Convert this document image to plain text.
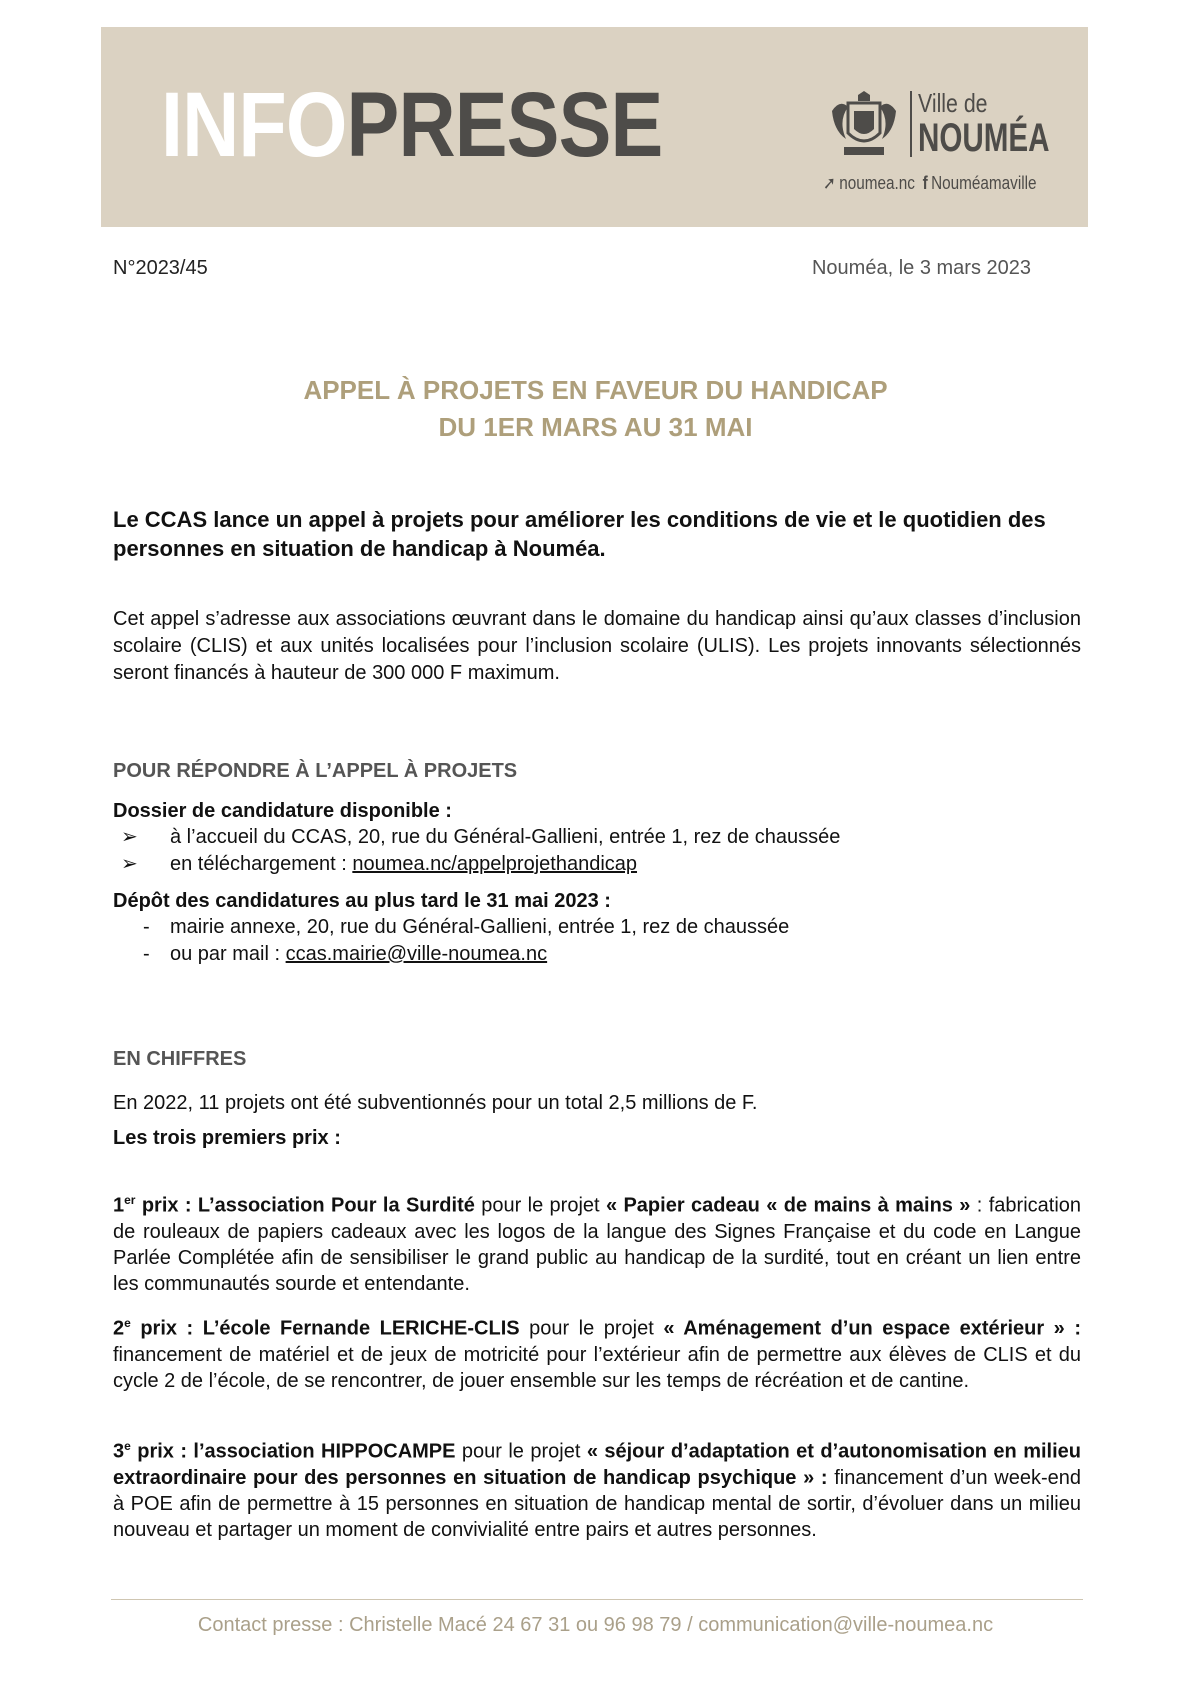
INFOPRESSE	Ville de
NOUMÉA
➚ noumea.nc f Nouméamaville
N°2023/45	Nouméa, le 3 mars 2023
APPEL À PROJETS EN FAVEUR DU HANDICAP
DU 1ER MARS AU 31 MAI
Le CCAS lance un appel à projets pour améliorer les conditions de vie et le quotidien des personnes en situation de handicap à Nouméa.
Cet appel s’adresse aux associations œuvrant dans le domaine du handicap ainsi qu’aux classes d’inclusion scolaire (CLIS) et aux unités localisées pour l’inclusion scolaire (ULIS). Les projets innovants sélectionnés seront financés à hauteur de 300 000 F maximum.
POUR RÉPONDRE À L’APPEL À PROJETS
Dossier de candidature disponible :
➢ à l’accueil du CCAS, 20, rue du Général-Gallieni, entrée 1, rez de chaussée
➢ en téléchargement : noumea.nc/appelprojethandicap
Dépôt des candidatures au plus tard le 31 mai 2023 :
- mairie annexe, 20, rue du Général-Gallieni, entrée 1, rez de chaussée
- ou par mail : ccas.mairie@ville-noumea.nc
EN CHIFFRES
En 2022, 11 projets ont été subventionnés pour un total 2,5 millions de F.
Les trois premiers prix :
1er prix : L’association Pour la Surdité pour le projet « Papier cadeau « de mains à mains » : fabrication de rouleaux de papiers cadeaux avec les logos de la langue des Signes Française et du code en Langue Parlée Complétée afin de sensibiliser le grand public au handicap de la surdité, tout en créant un lien entre les communautés sourde et entendante.
2e prix : L’école Fernande LERICHE-CLIS pour le projet « Aménagement d’un espace extérieur » : financement de matériel et de jeux de motricité pour l’extérieur afin de permettre aux élèves de CLIS et du cycle 2 de l’école, de se rencontrer, de jouer ensemble sur les temps de récréation et de cantine.
3e prix : l’association HIPPOCAMPE pour le projet « séjour d’adaptation et d’autonomisation en milieu extraordinaire pour des personnes en situation de handicap psychique » : financement d’un week-end à POE afin de permettre à 15 personnes en situation de handicap mental de sortir, d’évoluer dans un milieu nouveau et partager un moment de convivialité entre pairs et autres personnes.
Contact presse : Christelle Macé 24 67 31 ou 96 98 79 / communication@ville-noumea.nc
